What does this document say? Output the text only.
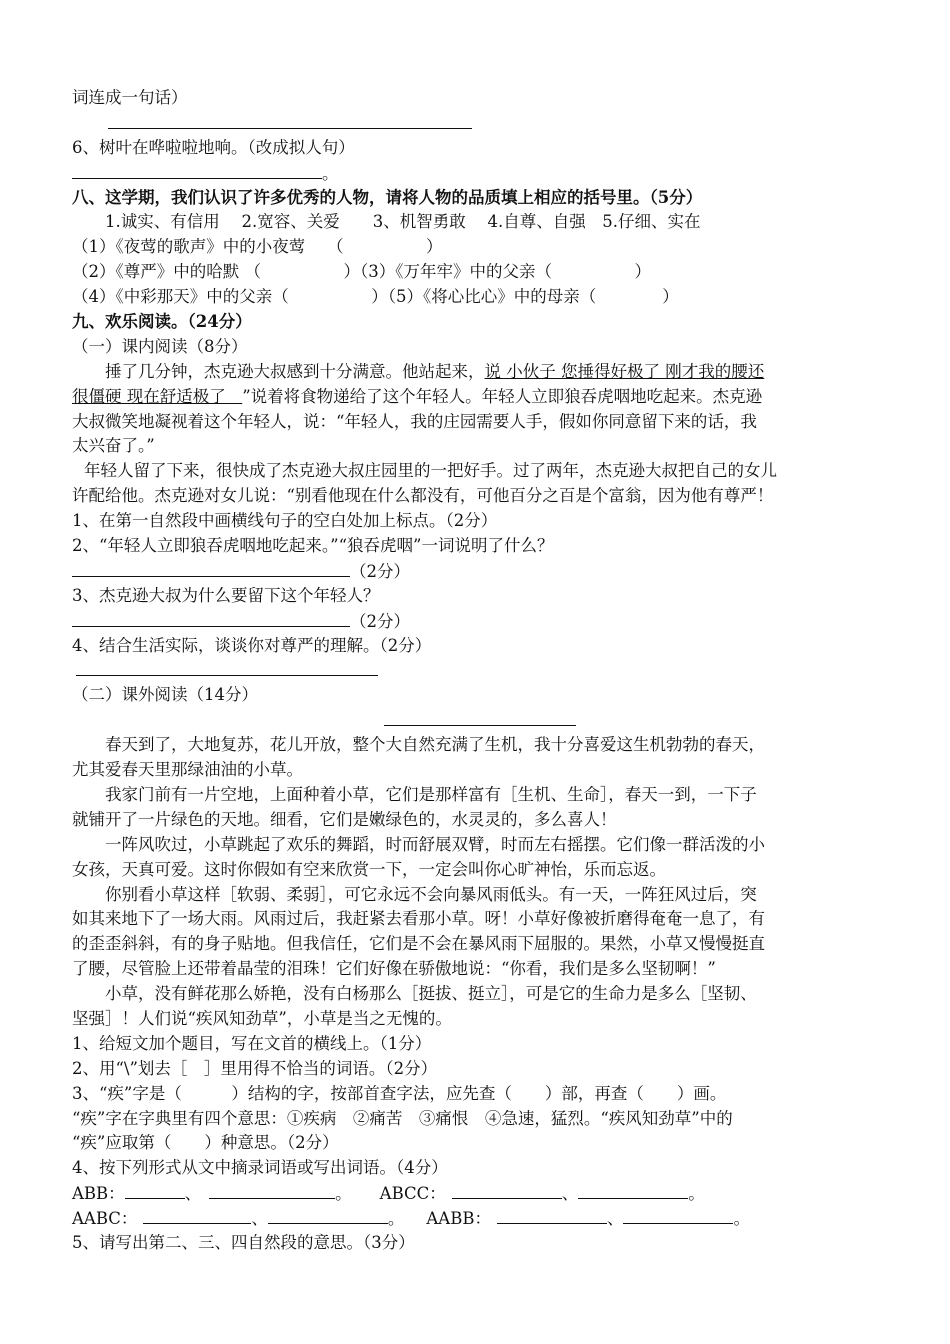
词连成一句话）
6、树叶在哗啦啦地响。（改成拟人句）
。
八、这学期，我们认识了许多优秀的人物，请将人物的品质填上相应的括号里。（5分）
1.诚实、有信用　 2.宽容、关爱　　3、机智勇敢　 4.自尊、自强　5.仔细、实在
（1）《夜莺的歌声》中的小夜莺　 （　　　　　）
（2）《尊严》中的哈默 （　　　　　）（3）《万年牢》中的父亲（　　　　　）
（4）《中彩那天》中的父亲（　　　　　）（5）《将心比心》中的母亲（　　　　）
九、欢乐阅读。（24分）
（一）课内阅读（8分）
捶了几分钟，杰克逊大叔感到十分满意。他站起来，说 小伙子 您捶得好极了 刚才我的腰还
很僵硬 现在舒适极了　”说着将食物递给了这个年轻人。年轻人立即狼吞虎咽地吃起来。杰克逊
大叔微笑地凝视着这个年轻人，说：“年轻人，我的庄园需要人手，假如你同意留下来的话，我
太兴奋了。”
年轻人留了下来，很快成了杰克逊大叔庄园里的一把好手。过了两年，杰克逊大叔把自己的女儿
许配给他。杰克逊对女儿说：“别看他现在什么都没有，可他百分之百是个富翁，因为他有尊严！
1、在第一自然段中画横线句子的空白处加上标点。（2分）
2、“年轻人立即狼吞虎咽地吃起来。”“狼吞虎咽”一词说明了什么？
（2分）
3、杰克逊大叔为什么要留下这个年轻人？
（2分）
4、结合生活实际，谈谈你对尊严的理解。（2分）
（二）课外阅读（14分）
春天到了，大地复苏，花儿开放，整个大自然充满了生机，我十分喜爱这生机勃勃的春天，
尤其爱春天里那绿油油的小草。
我家门前有一片空地，上面种着小草，它们是那样富有［生机、生命］，春天一到，一下子
就铺开了一片绿色的天地。细看，它们是嫩绿色的，水灵灵的，多么喜人！
一阵风吹过，小草跳起了欢乐的舞蹈，时而舒展双臂，时而左右摇摆。它们像一群活泼的小
女孩，天真可爱。这时你假如有空来欣赏一下，一定会叫你心旷神怡，乐而忘返。
你别看小草这样［软弱、柔弱］，可它永远不会向暴风雨低头。有一天，一阵狂风过后，突
如其来地下了一场大雨。风雨过后，我赶紧去看那小草。呀！小草好像被折磨得奄奄一息了，有
的歪歪斜斜，有的身子贴地。但我信任，它们是不会在暴风雨下屈服的。果然，小草又慢慢挺直
了腰，尽管脸上还带着晶莹的泪珠！它们好像在骄傲地说：“你看，我们是多么坚韧啊！”
小草，没有鲜花那么娇艳，没有白杨那么［挺拔、挺立］，可是它的生命力是多么［坚韧、
坚强］！人们说“疾风知劲草”，小草是当之无愧的。
1、给短文加个题目，写在文首的横线上。（1分）
2、用“\”划去［　］里用得不恰当的词语。（2分）
3、“疾”字是（　　　）结构的字，按部首查字法，应先查（　　）部，再查（　　）画。
“疾”字在字典里有四个意思：①疾病　②痛苦　③痛恨　④急速，猛烈。“疾风知劲草”中的
“疾”应取第（　　）种意思。（2分）
4、按下列形式从文中摘录词语或写出词语。（4分）
ABB：	、	。 ABCC：	、	。
AABC：	、	。 AABB：	、	。
5、请写出第二、三、四自然段的意思。（3分）
